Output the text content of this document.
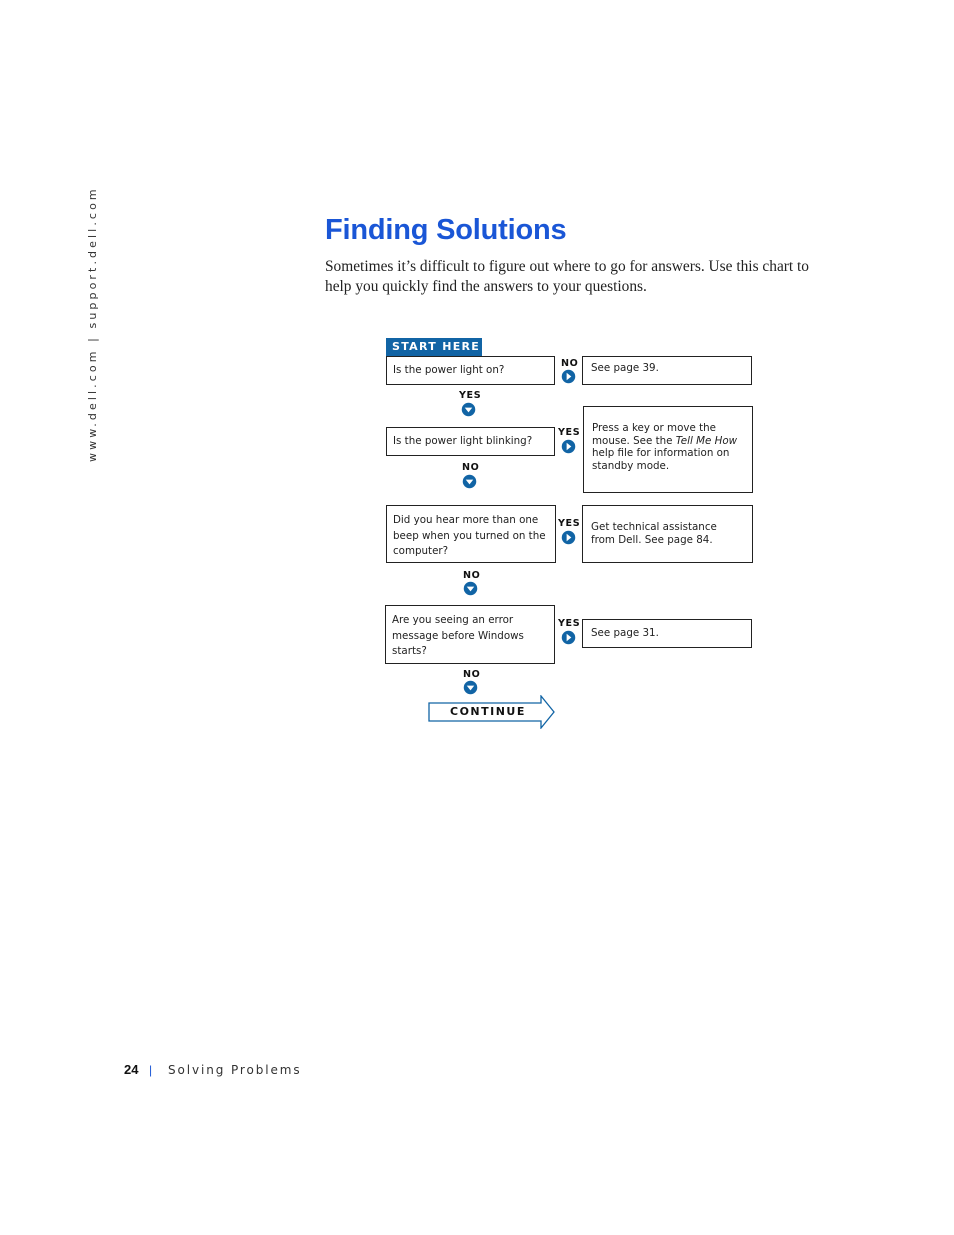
www.dell.com | support.dell.com	Finding Solutions

Sometimes it’s difficult to figure out where to go for answers. Use this chart to help you quickly find the answers to your questions.

START HERE
Is the power light on?
NO	See page 39.
YES
Is the power light blinking?
YES	Press a key or move the mouse. See the Tell Me How help file for information on standby mode.
NO
Did you hear more than one beep when you turned on the computer?
YES Get technical assistance from Dell. See page 84.
NO
Are you seeing an error message before Windows starts?
YES
See page 31.
NO
CONTINUE
24 | Solving Problems
